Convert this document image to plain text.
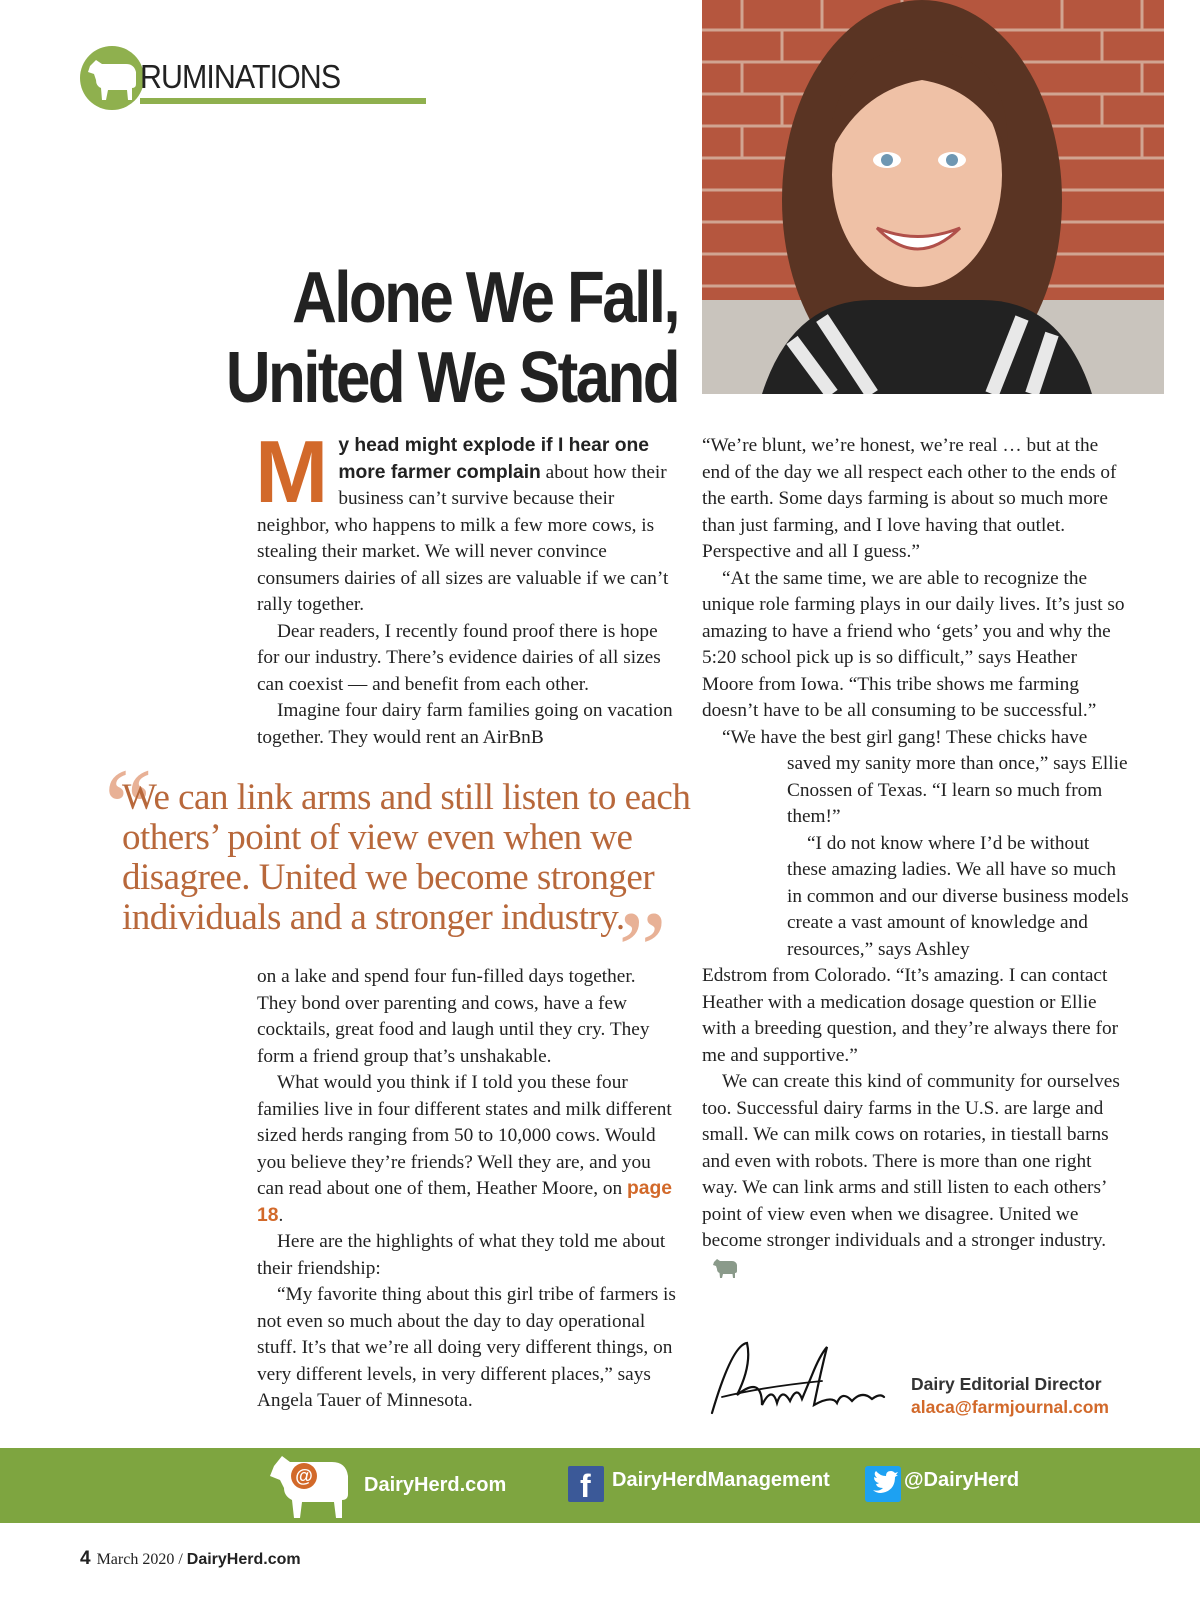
RUMINATIONS
Alone We Fall,
United We Stand

My head might explode if I hear one more farmer complain about how their business can’t survive because their neighbor, who happens to milk a few more cows, is stealing their market. We will never convince consumers dairies of all sizes are valuable if we can’t rally together.

Dear readers, I recently found proof there is hope for our industry. There’s evidence dairies of all sizes can coexist — and benefit from each other.

Imagine four dairy farm families going on vacation together. They would rent an AirBnB

“
We can link arms and still listen to each others’ point of view even when we disagree. United we become stronger individuals and a stronger industry.
”

on a lake and spend four fun-filled days together. They bond over parenting and cows, have a few cocktails, great food and laugh until they cry. They form a friend group that’s unshakable.

What would you think if I told you these four families live in four different states and milk different sized herds ranging from 50 to 10,000 cows. Would you believe they’re friends? Well they are, and you can read about one of them, Heather Moore, on page 18.

Here are the highlights of what they told me about their friendship:

“My favorite thing about this girl tribe of farmers is not even so much about the day to day operational stuff. It’s that we’re all doing very different things, on very different levels, in very different places,” says Angela Tauer of Minnesota.

“We’re blunt, we’re honest, we’re real … but at the end of the day we all respect each other to the ends of the earth. Some days farming is about so much more than just farming, and I love having that outlet. Perspective and all I guess.”

“At the same time, we are able to recognize the unique role farming plays in our daily lives. It’s just so amazing to have a friend who ‘gets’ you and why the 5:20 school pick up is so difficult,” says Heather Moore from Iowa. “This tribe shows me farming doesn’t have to be all consuming to be successful.”

“We have the best girl gang! These chicks have

saved my sanity more than once,” says Ellie Cnossen of Texas. “I learn so much from them!”

“I do not know where I’d be without these amazing ladies. We all have so much in common and our diverse business models create a vast amount of knowledge and resources,” says Ashley

Edstrom from Colorado. “It’s amazing. I can contact Heather with a medication dosage question or Ellie with a breeding question, and they’re always there for me and supportive.”

We can create this kind of community for ourselves too. Successful dairy farms in the U.S. are large and small. We can milk cows on rotaries, in tiestall barns and even with robots. There is more than one right way. We can link arms and still listen to each others’ point of view even when we disagree. United we become stronger individuals and a stronger industry.

Dairy Editorial Director
alaca@farmjournal.com
@	DairyHerd.com f DairyHerdManagement	@DairyHerd
4 March 2020 / DairyHerd.com
